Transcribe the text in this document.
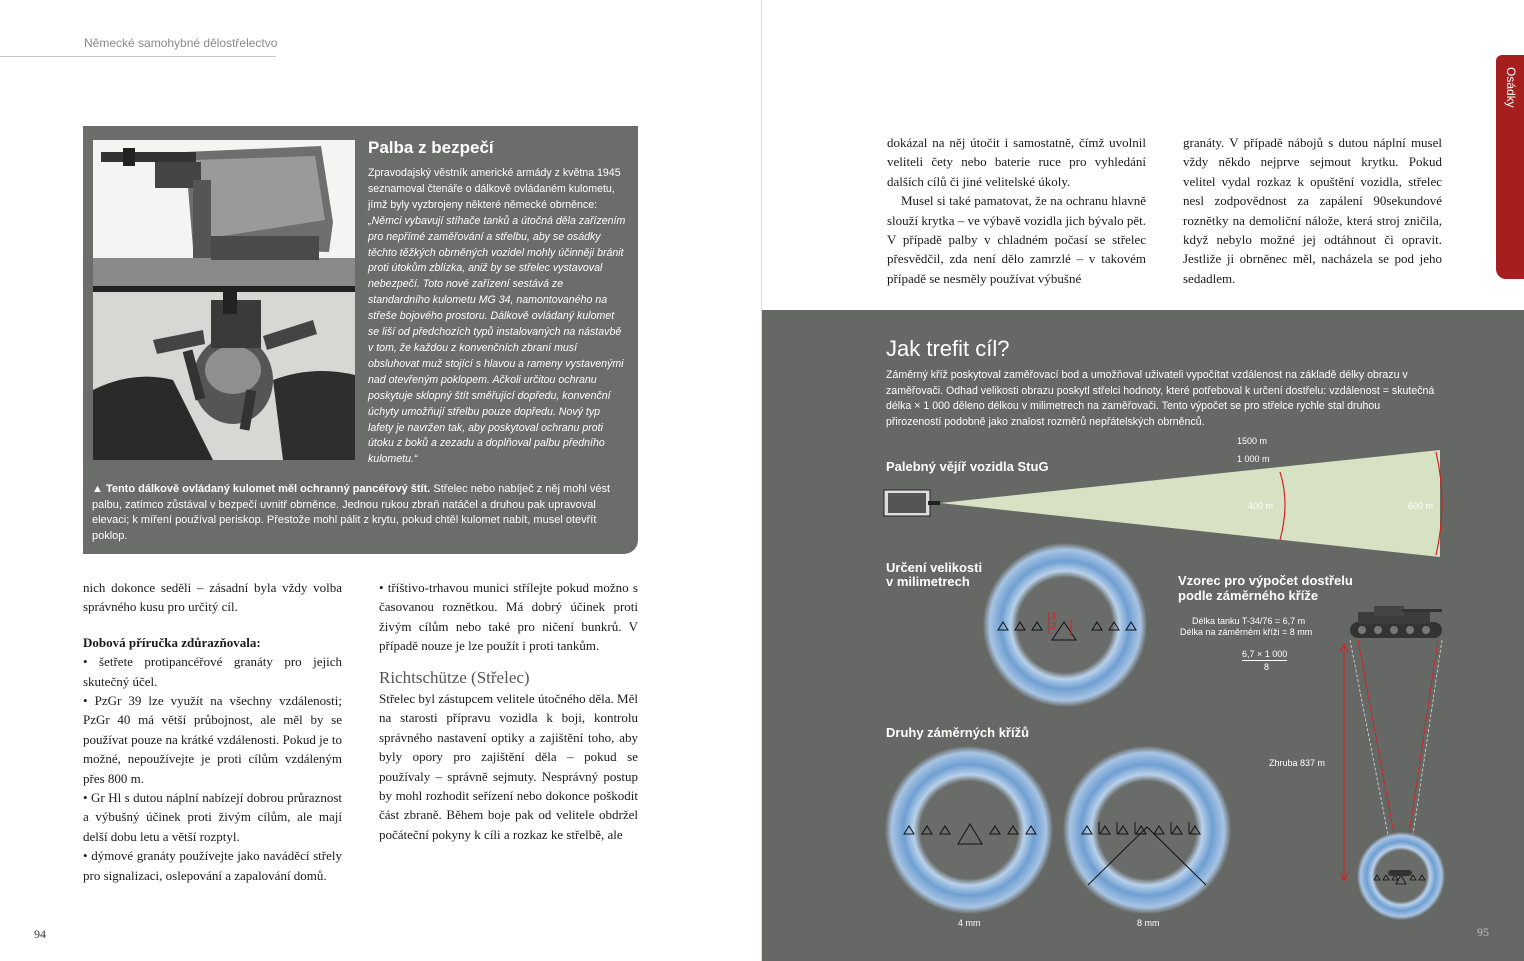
Německé samohybné dělostřelectvo
Palba z bezpečí
Zpravodajský věstník americké armády z května 1945 seznamoval čtenáře o dálkově ovládaném kulometu, jímž byly vyzbrojeny některé německé obrněnce: „Němci vybavují stíhače tanků a útočná děla zařízením pro nepřímé zaměřování a střelbu, aby se osádky těchto těžkých obrněných vozidel mohly účinněji bránit proti útokům zblízka, aniž by se střelec vystavoval nebezpečí. Toto nové zařízení sestává ze standardního kulometu MG 34, namontovaného na střeše bojového prostoru. Dálkově ovládaný kulomet se liší od předchozích typů instalovaných na nástavbě v tom, že každou z konvenčních zbraní musí obsluhovat muž stojící s hlavou a rameny vystavenými nad otevřeným poklopem. Ačkoli určitou ochranu poskytuje sklopný štít směřující dopředu, konvenční úchyty umožňují střelbu pouze dopředu. Nový typ lafety je navržen tak, aby poskytoval ochranu proti útoku z boků a zezadu a doplňoval palbu předního kulometu.“
▲ Tento dálkově ovládaný kulomet měl ochranný pancéřový štít. Střelec nebo nabíječ z něj mohl vést palbu, zatímco zůstával v bezpečí uvnitř obrněnce. Jednou rukou zbraň natáčel a druhou pak upravoval elevaci; k míření používal periskop. Přestože mohl pálit z krytu, pokud chtěl kulomet nabít, musel otevřít poklop.

nich dokonce seděli – zásadní byla vždy volba správného kusu pro určitý cíl.

Dobová příručka zdůrazňovala:

• šetřete protipancéřové granáty pro jejich skutečný účel.

• PzGr 39 lze využít na všechny vzdálenosti; PzGr 40 má větší průbojnost, ale měl by se používat pouze na krátké vzdálenosti. Pokud je to možné, nepoužívejte je proti cílům vzdáleným přes 800 m.

• Gr Hl s dutou náplní nabízejí dobrou průraznost a výbušný účinek proti živým cílům, ale mají delší dobu letu a větší rozptyl.

• dýmové granáty používejte jako naváděcí střely pro signalizaci, oslepování a zapalování domů.

• tříštivo-trhavou munici střílejte pokud možno s časovanou roznětkou. Má dobrý účinek proti živým cílům nebo také pro ničení bunkrů. V případě nouze je lze použít i proti tankům.

Richtschütze (Střelec)

Střelec byl zástupcem velitele útočného děla. Měl na starosti přípravu vozidla k boji, kontrolu správného nastavení optiky a zajištění toho, aby byly opory pro zajištění děla – pokud se používaly – správně sejmuty. Nesprávný postup by mohl rozhodit seřízení nebo dokonce poškodit část zbraně. Během boje pak od velitele obdržel počáteční pokyny k cíli a rozkaz ke střelbě, ale

94
Osádky

dokázal na něj útočit i samostatně, čímž uvolnil veliteli čety nebo baterie ruce pro vyhledání dalších cílů či jiné velitelské úkoly.

Musel si také pamatovat, že na ochranu hlavně slouží krytka – ve výbavě vozidla jich bývalo pět. V případě palby v chladném počasí se střelec přesvědčil, zda není dělo zamrzlé – v takovém případě se nesměly používat výbušné

granáty. V případě nábojů s dutou náplní musel vždy někdo nejprve sejmout krytku. Pokud velitel vydal rozkaz k opuštění vozidla, střelec nesl zodpovědnost za zapálení 90sekundové roznětky na demoliční nálože, která stroj zničila, když nebylo možné jej odtáhnout či opravit. Jestliže ji obrněnec měl, nacházela se pod jeho sedadlem.

Jak trefit cíl?
Záměrný kříž poskytoval zaměřovací bod a umožňoval uživateli vypočítat vzdálenost na základě délky obrazu v zaměřovači. Odhad velikosti obrazu poskytl střelci hodnoty, které potřeboval k určení dostřelu: vzdálenost = skutečná délka × 1 000 děleno délkou v milimetrech na zaměřovači. Tento výpočet se pro střelce rychle stal druhou přirozeností podobně jako znalost rozměrů nepřátelských obrněnců.
1500 m
1 000 m
400 m	600 m
Palebný vějíř vozidla StuG
Určení velikosti
v milimetrech
4
2
Vzorec pro výpočet dostřelu
podle záměrného kříže
Délka tanku T-34/76 = 6,7 m
Délka na záměrném kříži = 8 mm
6,7 × 1 000
8
Zhruba 837 m
Druhy záměrných křížů
4 mm	8 mm
95
